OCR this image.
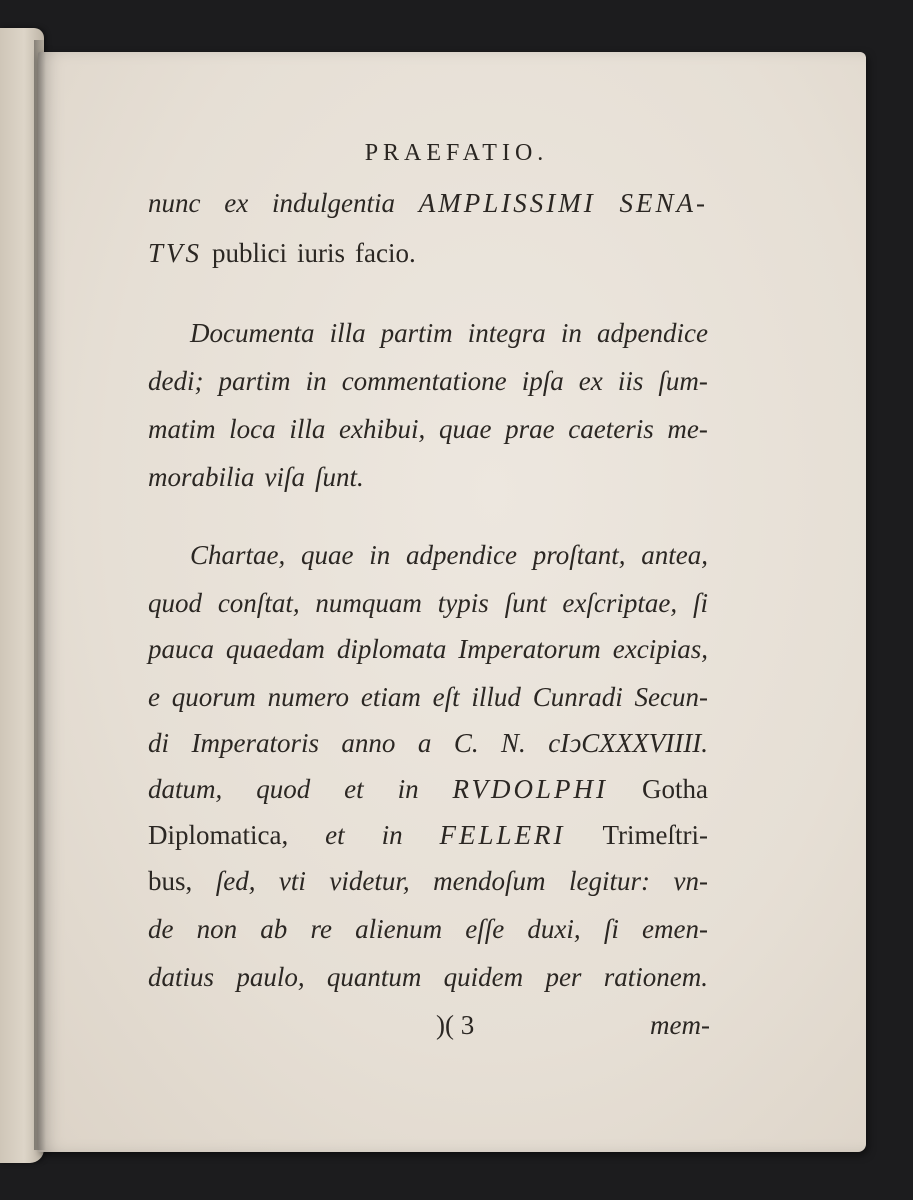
PRAEFATIO.
nunc ex indulgentia AMPLISSIMI SENA-
TVS publici iuris facio.
Documenta illa partim integra in adpendice
dedi; partim in commentatione ipſa ex iis ſum-
matim loca illa exhibui, quae prae caeteris me-
morabilia viſa ſunt.
Chartae, quae in adpendice proſtant, antea,
quod conſtat, numquam typis ſunt exſcriptae, ſi
pauca quaedam diplomata Imperatorum excipias,
e quorum numero etiam eſt illud Cunradi Secun-
di Imperatoris anno a C. N. cIↄCXXXVIIII.
datum, quod et in RVDOLPHI Gotha
Diplomatica, et in FELLERI Trimeſtri-
bus, ſed, vti videtur, mendoſum legitur: vn-
de non ab re alienum eſſe duxi, ſi emen-
datius paulo, quantum quidem per rationem.
)( 3	mem-
